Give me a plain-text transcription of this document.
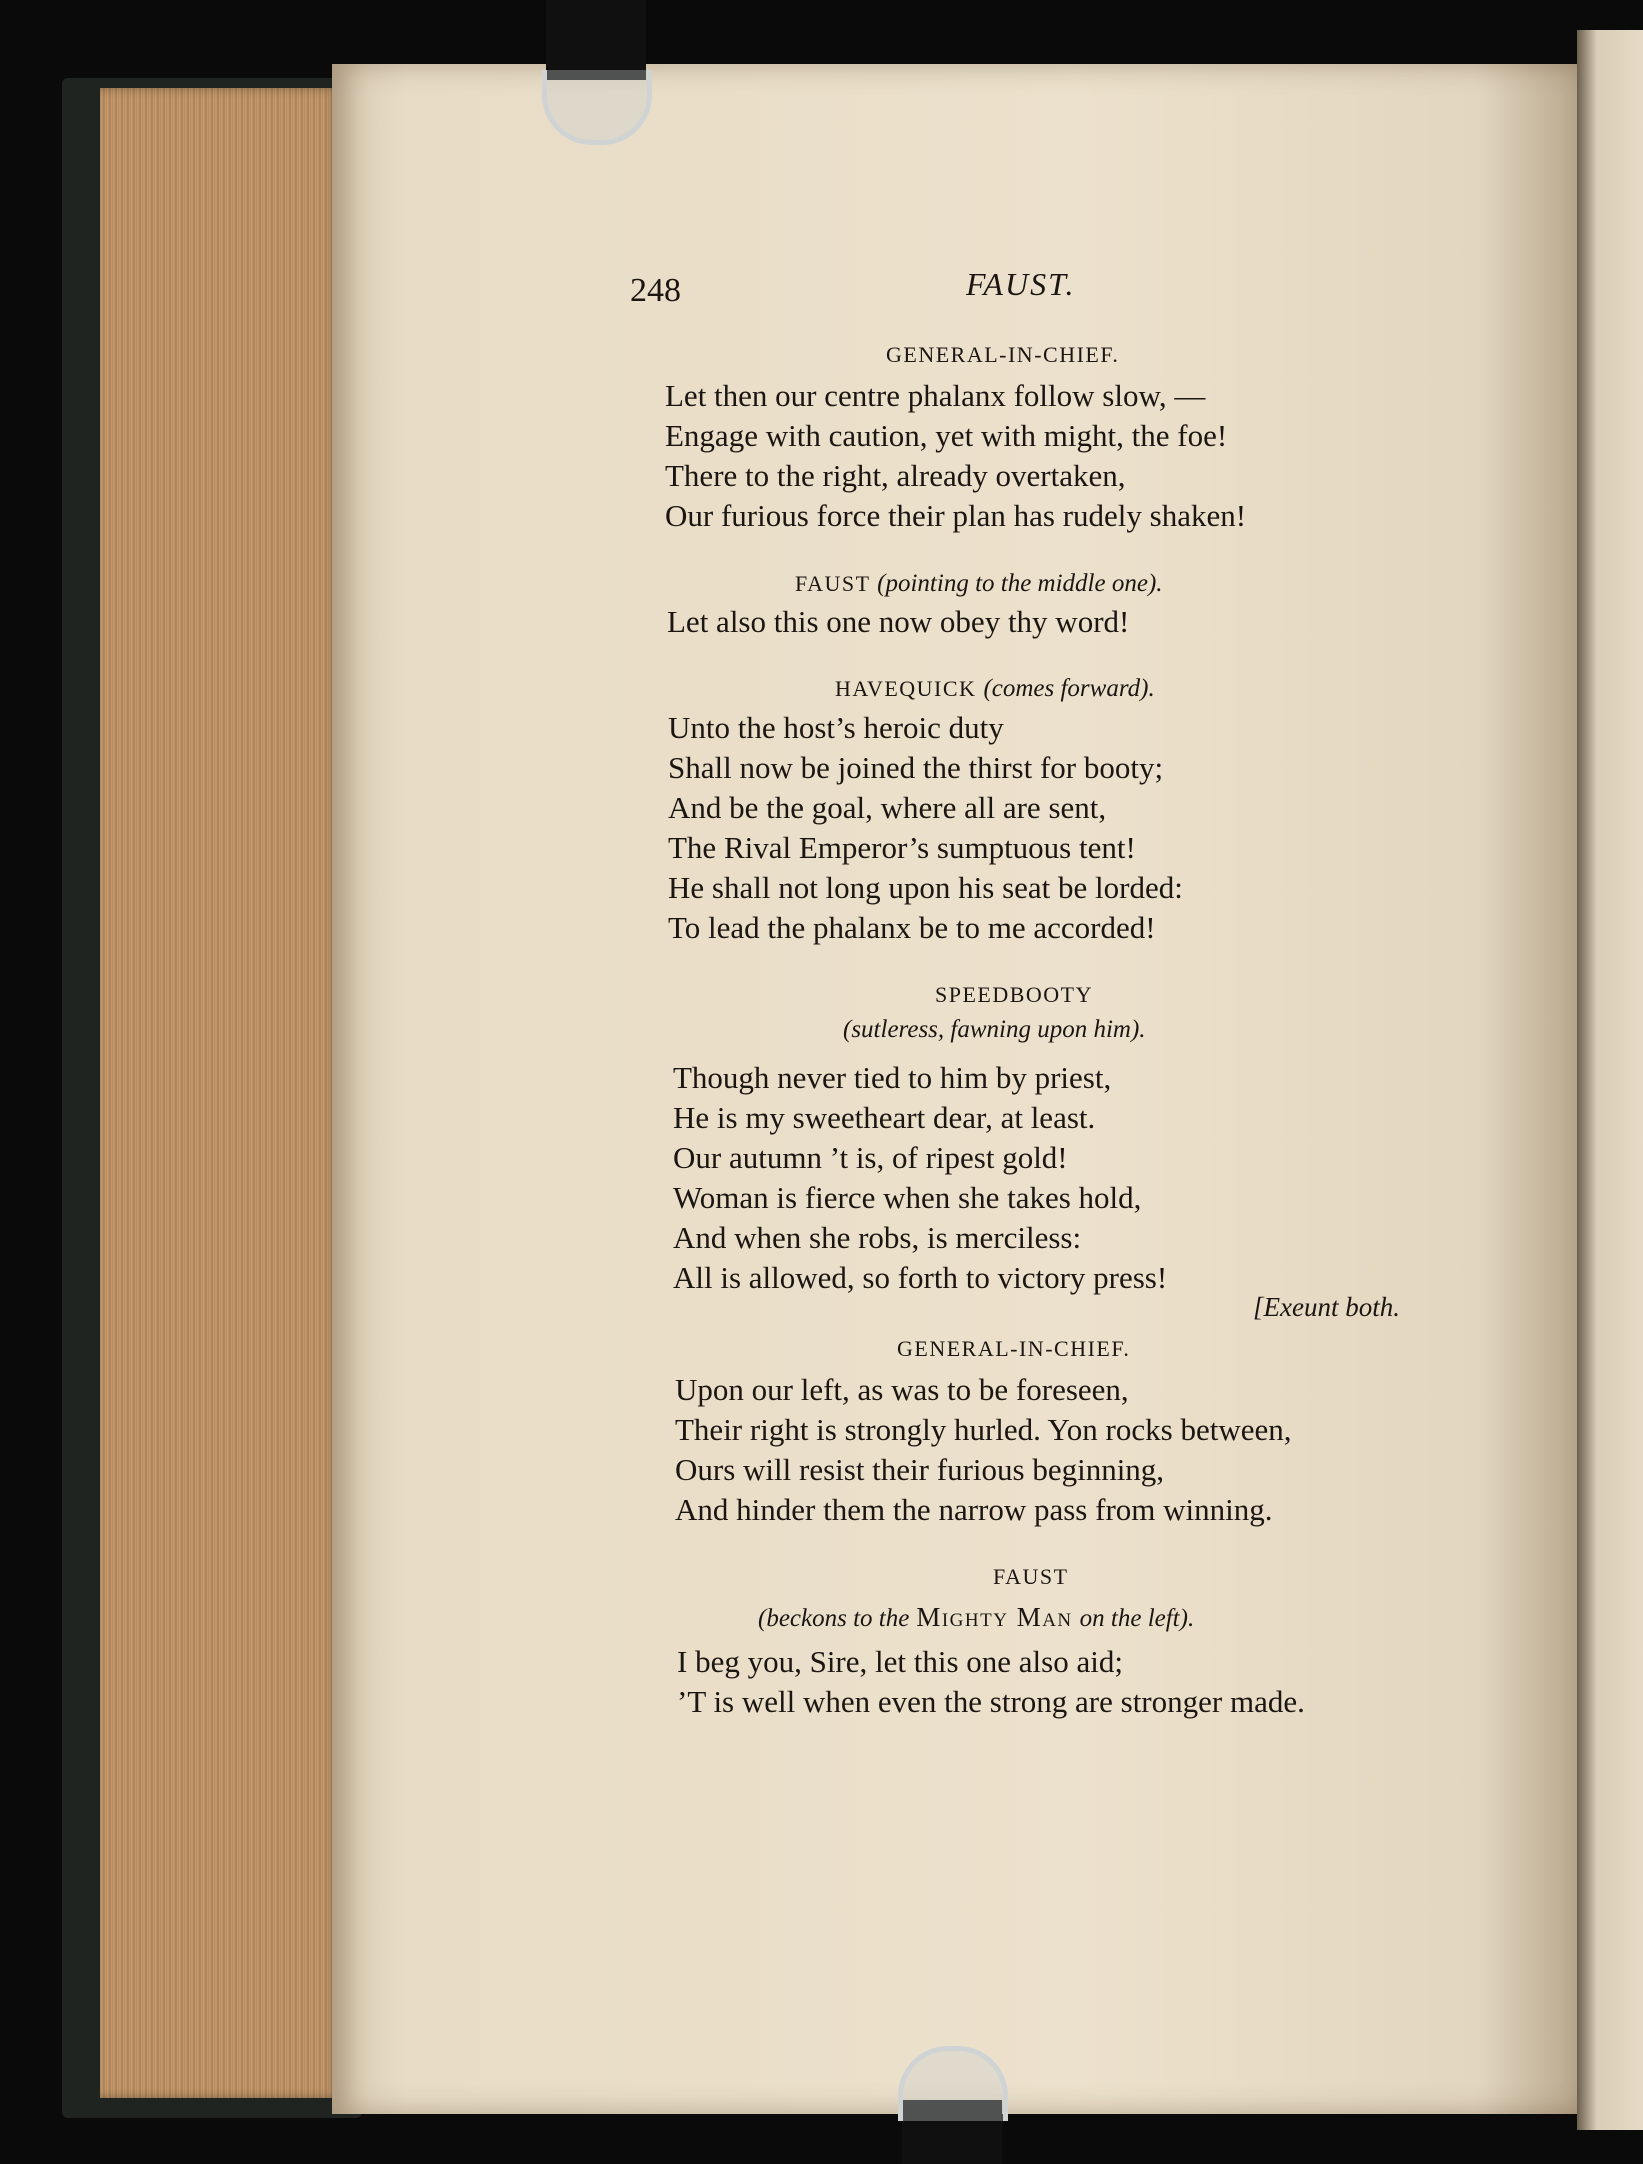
248	FAUST.
GENERAL-IN-CHIEF.
Let then our centre phalanx follow slow, —
Engage with caution, yet with might, the foe!
There to the right, already overtaken,
Our furious force their plan has rudely shaken!
FAUST (pointing to the middle one).
Let also this one now obey thy word!
HAVEQUICK (comes forward).
Unto the host’s heroic duty
Shall now be joined the thirst for booty;
And be the goal, where all are sent,
The Rival Emperor’s sumptuous tent!
He shall not long upon his seat be lorded:
To lead the phalanx be to me accorded!
SPEEDBOOTY
(sutleress, fawning upon him).
Though never tied to him by priest,
He is my sweetheart dear, at least.
Our autumn ’t is, of ripest gold!
Woman is fierce when she takes hold,
And when she robs, is merciless:
All is allowed, so forth to victory press!
[Exeunt both.
GENERAL-IN-CHIEF.
Upon our left, as was to be foreseen,
Their right is strongly hurled. Yon rocks between,
Ours will resist their furious beginning,
And hinder them the narrow pass from winning.
FAUST
(beckons to the Mighty Man on the left).
I beg you, Sire, let this one also aid;
’T is well when even the strong are stronger made.
